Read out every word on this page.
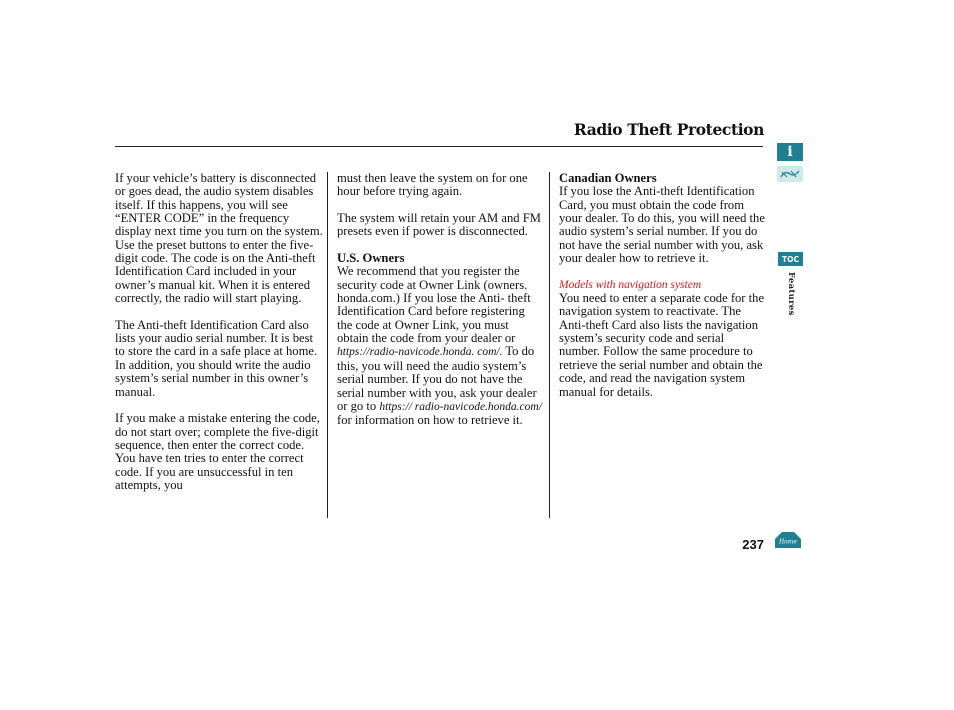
Radio Theft Protection

If your vehicle’s battery is disconnected or goes dead, the audio system disables itself. If this happens, you will see “ENTER CODE” in the frequency display next time you turn on the system. Use the preset buttons to enter the five-digit code. The code is on the Anti-theft Identification Card included in your owner’s manual kit. When it is entered correctly, the radio will start playing.

The Anti-theft Identification Card also lists your audio serial number. It is best to store the card in a safe place at home. In addition, you should write the audio system’s serial number in this owner’s manual.

If you make a mistake entering the code, do not start over; complete the five-digit sequence, then enter the correct code. You have ten tries to enter the correct code. If you are unsuccessful in ten attempts, you

must then leave the system on for one hour before trying again.

The system will retain your AM and FM presets even if power is disconnected.

U.S. Owners

We recommend that you register the security code at Owner Link (owners. honda.com.) If you lose the Anti- theft Identification Card before registering the code at Owner Link, you must obtain the code from your dealer or https://radio-navicode.honda. com/. To do this, you will need the audio system’s serial number. If you do not have the serial number with you, ask your dealer or go to https:// radio-navicode.honda.com/ for information on how to retrieve it.

Canadian Owners

If you lose the Anti-theft Identification Card, you must obtain the code from your dealer. To do this, you will need the audio system’s serial number. If you do not have the serial number with you, ask your dealer how to retrieve it.

Models with navigation system

You need to enter a separate code for the navigation system to reactivate. The Anti-theft Card also lists the navigation system’s security code and serial number. Follow the same procedure to retrieve the serial number and obtain the code, and read the navigation system manual for details.

i
TOC
Features
237 Home
